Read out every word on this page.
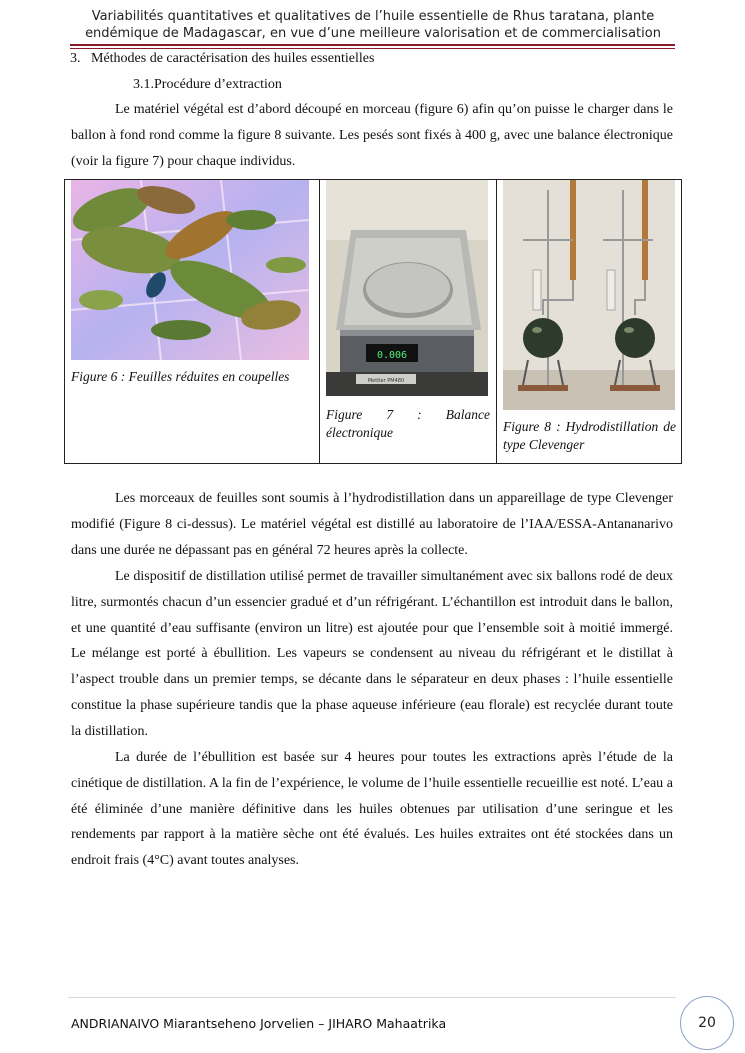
Variabilités quantitatives et qualitatives de l’huile essentielle de Rhus taratana, plante
endémique de Madagascar, en vue d’une meilleure valorisation et de commercialisation
3.   Méthodes de caractérisation des huiles essentielles
3.1.Procédure d’extraction

Le matériel végétal est d’abord découpé en morceau (figure 6) afin qu’on puisse le charger dans le ballon à fond rond comme la figure 8 suivante. Les pesés sont fixés à 400 g, avec une balance électronique (voir la figure 7) pour chaque individus.

Figure 6 : Feuilles réduites en coupelles
0.006
Mettler PM480
Figure 7 : Balance électronique	Figure 8 : Hydrodistillation de type Clevenger

Les morceaux de feuilles sont soumis à l’hydrodistillation dans un appareillage de type Clevenger modifié (Figure 8 ci-dessus). Le matériel végétal est distillé au laboratoire de l’IAA/ESSA-Antananarivo dans une durée ne dépassant pas en général 72 heures après la collecte.

Le dispositif de distillation utilisé permet de travailler simultanément avec six ballons rodé de deux litre, surmontés chacun d’un essencier gradué et d’un réfrigérant. L’échantillon est introduit dans le ballon, et une quantité d’eau suffisante (environ un litre) est ajoutée pour que l’ensemble soit à moitié immergé. Le mélange est porté à ébullition. Les vapeurs se condensent au niveau du réfrigérant et le distillat à l’aspect trouble dans un premier temps, se décante dans le séparateur en deux phases : l’huile essentielle constitue la phase supérieure tandis que la phase aqueuse inférieure (eau florale) est recyclée durant toute la distillation.

La durée de l’ébullition est basée sur 4 heures pour toutes les extractions après l’étude de la cinétique de distillation. A la fin de l’expérience, le volume de l’huile essentielle recueillie est noté. L’eau a été éliminée d’une manière définitive dans les huiles obtenues par utilisation d’une seringue et les rendements par rapport à la matière sèche ont été évalués. Les huiles extraites ont été stockées dans un endroit frais (4°C) avant toutes analyses.

ANDRIANAIVO Miarantseheno Jorvelien – JIHARO Mahaatrika	20
